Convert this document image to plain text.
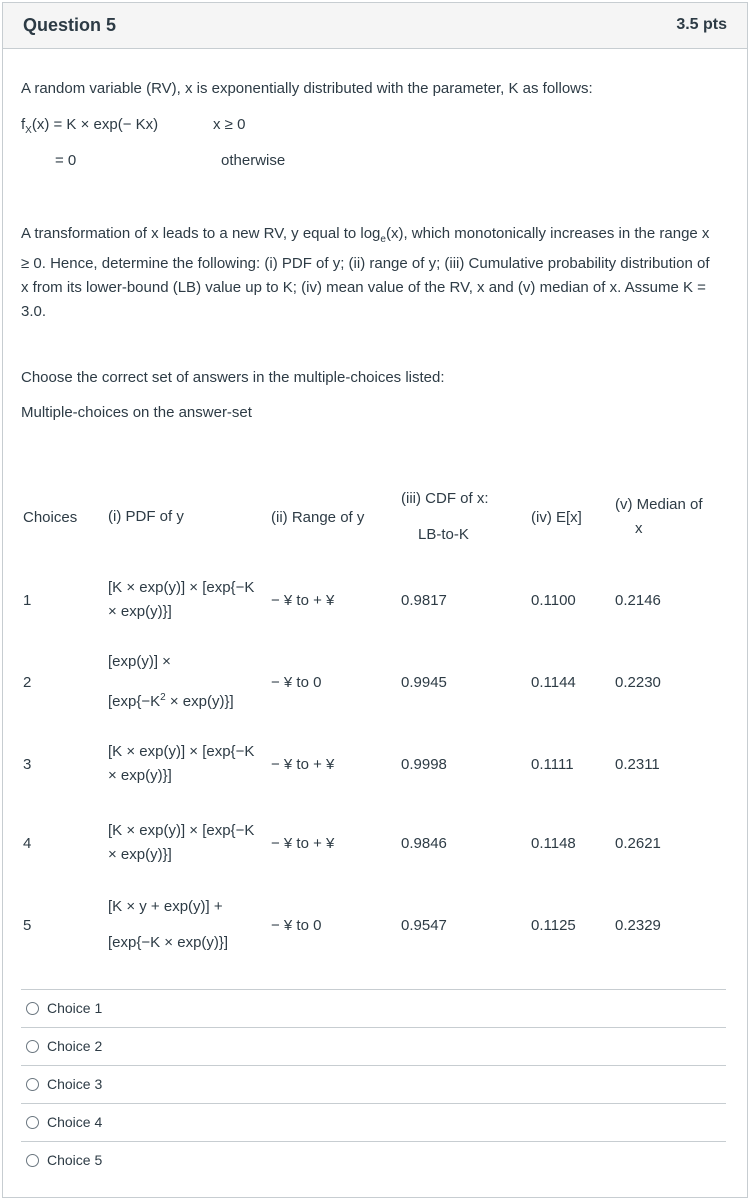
Question 5	3.5 pts
A random variable (RV), x is exponentially distributed with the parameter, K as follows:
$f_X(x) = K \times \exp(- Kx)$	x ≥ 0
= 0	otherwise
A transformation of x leads to a new RV, y equal to $\log_e(x)$, which monotonically increases in the range x ≥ 0. Hence, determine the following: (i) PDF of y; (ii) range of y; (iii) Cumulative probability distribution of x from its lower-bound (LB) value up to K; (iv) mean value of the RV, x and (v) median of x. Assume K = 3.0.
Choose the correct set of answers in the multiple-choices listed:
Multiple-choices on the answer-set
Choices	(i) PDF of y	(ii) Range of y	(iii) CDF of x:
LB-to-K	(iv) E[x]	(v) Median of
x
1	[K × exp(y)] × [exp{−K
× exp(y)}]	− ¥ to + ¥	0.9817	0.1100	0.2146
2	[exp(y)] ×
$[\exp\{-K^2 \times \exp(y)\}]$	− ¥ to 0	0.9945	0.1144	0.2230
3	[K × exp(y)] × [exp{−K
× exp(y)}]	− ¥ to + ¥	0.9998	0.1111	0.2311
4	[K × exp(y)] × [exp{−K
× exp(y)}]	− ¥ to + ¥	0.9846	0.1148	0.2621
5	[K × y + exp(y)] +
[exp{−K × exp(y)}]	− ¥ to 0	0.9547	0.1125	0.2329
Choice 1
Choice 2
Choice 3
Choice 4
Choice 5
